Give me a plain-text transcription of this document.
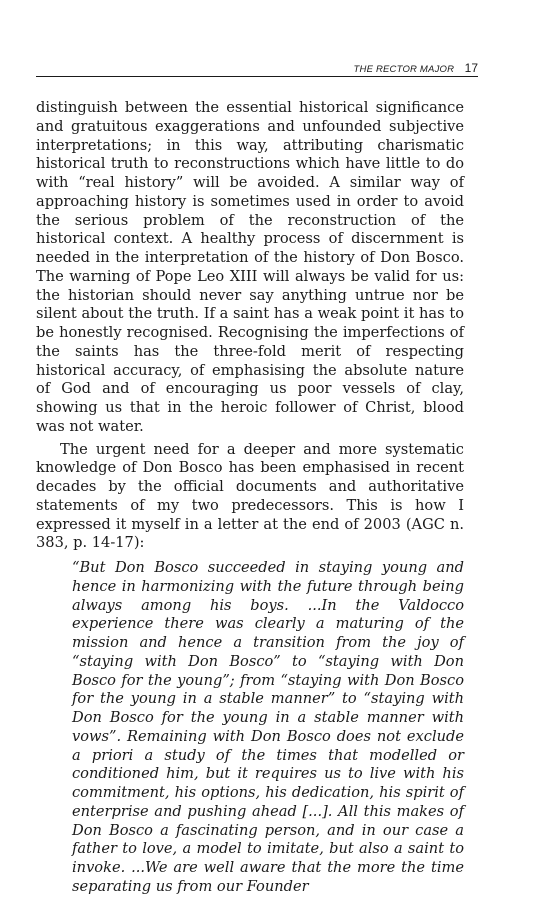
THE RECTOR MAJOR 17

distinguish between the essential historical significance and gratuitous exaggerations and unfounded subjective interpretations; in this way, attributing charismatic historical truth to reconstructions which have little to do with “real history” will be avoided. A similar way of approaching history is sometimes used in order to avoid the serious problem of the reconstruction of the historical context. A healthy process of discernment is needed in the interpretation of the history of Don Bosco. The warning of Pope Leo XIII will always be valid for us: the historian should never say anything untrue nor be silent about the truth. If a saint has a weak point it has to be honestly recognised. Recognising the imperfections of the saints has the three-fold merit of respecting historical accuracy, of emphasising the absolute nature of God and of encouraging us poor vessels of clay, showing us that in the heroic follower of Christ, blood was not water.

The urgent need for a deeper and more systematic knowledge of Don Bosco has been emphasised in recent decades by the official documents and authoritative statements of my two predecessors. This is how I expressed it myself in a letter at the end of 2003 (AGC n. 383, p. 14-17):

“But Don Bosco succeeded in staying young and hence in harmonizing with the future through being always among his boys. ...In the Valdocco experience there was clearly a maturing of the mission and hence a transition from the joy of “staying with Don Bosco” to “staying with Don Bosco for the young”; from “staying with Don Bosco for the young in a stable manner” to “staying with Don Bosco for the young in a stable manner with vows”. Remaining with Don Bosco does not exclude a priori a study of the times that modelled or conditioned him, but it requires us to live with his commitment, his options, his dedication, his spirit of enterprise and pushing ahead [...]. All this makes of Don Bosco a fascinating person, and in our case a father to love, a model to imitate, but also a saint to invoke. ...We are well aware that the more the time separating us from our Founder
